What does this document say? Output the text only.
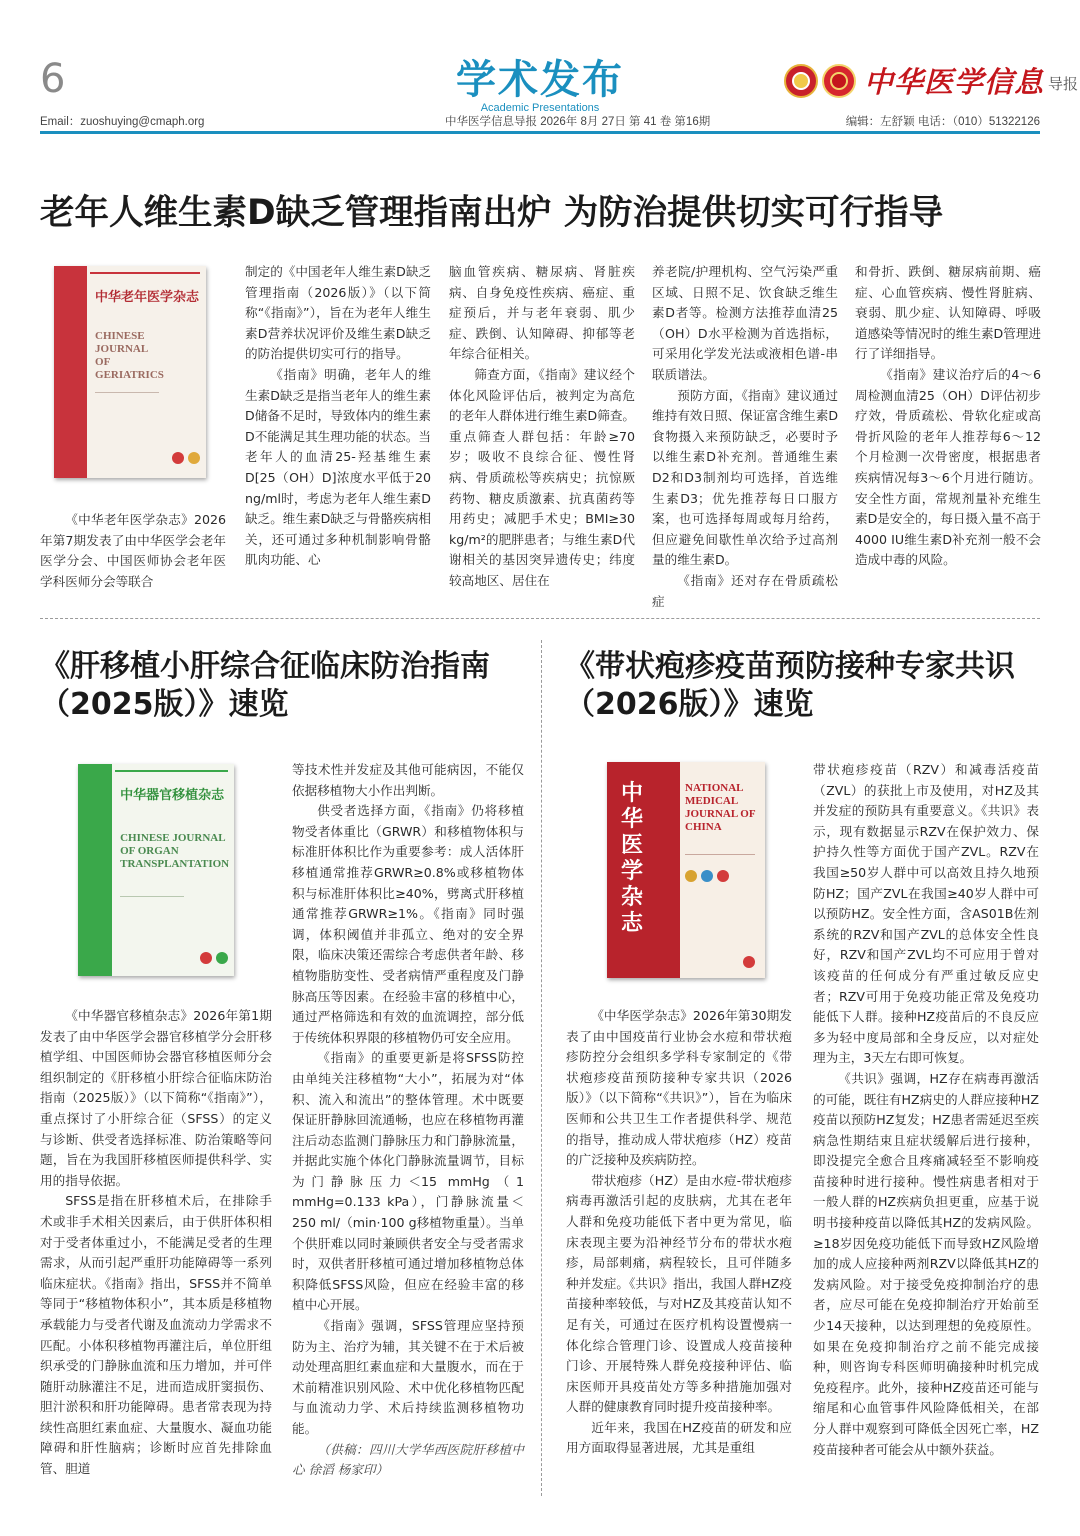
6	学术发布
Academic Presentations
中华医学信息 导报
Email：zuoshuying@cmaph.org	中华医学信息导报 2026年 8月 27日 第 41 卷 第16期	编辑：左舒颖 电话：（010）51322126
老年人维生素D缺乏管理指南出炉 为防治提供切实可行指导
中华老年医学杂志
CHINESE JOURNAL OF GERIATRICS

《中华老年医学杂志》2026年第7期发表了由中华医学会老年医学分会、中国医师协会老年医学科医师分会等联合

制定的《中国老年人维生素D缺乏管理指南（2026版）》（以下简称“《指南》”），旨在为老年人维生素D营养状况评价及维生素D缺乏的防治提供切实可行的指导。

《指南》明确，老年人的维生素D缺乏是指当老年人的维生素D储备不足时，导致体内的维生素D不能满足其生理功能的状态。当老年人的血清25-羟基维生素D[25（OH）D]浓度水平低于20 ng/ml时，考虑为老年人维生素D缺乏。维生素D缺乏与骨骼疾病相关，还可通过多种机制影响骨骼肌肉功能、心

脑血管疾病、糖尿病、肾脏疾病、自身免疫性疾病、癌症、重症预后，并与老年衰弱、肌少症、跌倒、认知障碍、抑郁等老年综合征相关。

筛查方面，《指南》建议经个体化风险评估后，被判定为高危的老年人群体进行维生素D筛查。重点筛查人群包括：年龄≥70岁；吸收不良综合征、慢性肾病、骨质疏松等疾病史；抗惊厥药物、糖皮质激素、抗真菌药等用药史；减肥手术史；BMI≥30 kg/m²的肥胖患者；与维生素D代谢相关的基因突异遗传史；纬度较高地区、居住在

养老院/护理机构、空气污染严重区域、日照不足、饮食缺乏维生素D者等。检测方法推荐血清25（OH）D水平检测为首选指标，可采用化学发光法或液相色谱-串联质谱法。

预防方面，《指南》建议通过维持有效日照、保证富含维生素D食物摄入来预防缺乏，必要时予以维生素D补充剂。普通维生素D2和D3制剂均可选择，首选维生素D3；优先推荐每日口服方案，也可选择每周或每月给药，但应避免间歇性单次给予过高剂量的维生素D。

《指南》还对存在骨质疏松症

和骨折、跌倒、糖尿病前期、癌症、心血管疾病、慢性肾脏病、衰弱、肌少症、认知障碍、呼吸道感染等情况时的维生素D管理进行了详细指导。

《指南》建议治疗后的4～6周检测血清25（OH）D评估初步疗效，骨质疏松、骨软化症或高骨折风险的老年人推荐每6～12个月检测一次骨密度，根据患者疾病情况每3～6个月进行随访。安全性方面，常规剂量补充维生素D是安全的，每日摄入量不高于4000 IU维生素D补充剂一般不会造成中毒的风险。

《肝移植小肝综合征临床防治指南
（2025版）》速览
中华器官移植杂志
CHINESE JOURNAL OF ORGAN TRANSPLANTATION

《中华器官移植杂志》2026年第1期发表了由中华医学会器官移植学分会肝移植学组、中国医师协会器官移植医师分会组织制定的《肝移植小肝综合征临床防治指南（2025版）》（以下简称“《指南》”），重点探讨了小肝综合征（SFSS）的定义与诊断、供受者选择标准、防治策略等问题，旨在为我国肝移植医师提供科学、实用的指导依据。

SFSS是指在肝移植术后，在排除手术或非手术相关因素后，由于供肝体积相对于受者体重过小，不能满足受者的生理需求，从而引起严重肝功能障碍等一系列临床症状。《指南》指出，SFSS并不简单等同于“移植物体积小”，其本质是移植物承载能力与受者代谢及血流动力学需求不匹配。小体积移植物再灌注后，单位肝组织承受的门静脉血流和压力增加，并可伴随肝动脉灌注不足，进而造成肝窦损伤、胆汁淤积和肝功能障碍。患者常表现为持续性高胆红素血症、大量腹水、凝血功能障碍和肝性脑病；诊断时应首先排除血管、胆道

等技术性并发症及其他可能病因，不能仅依据移植物大小作出判断。

供受者选择方面，《指南》仍将移植物受者体重比（GRWR）和移植物体积与标准肝体积比作为重要参考：成人活体肝移植通常推荐GRWR≥0.8%或移植物体积与标准肝体积比≥40%，劈离式肝移植通常推荐GRWR≥1%。《指南》同时强调，体积阈值并非孤立、绝对的安全界限，临床决策还需综合考虑供者年龄、移植物脂肪变性、受者病情严重程度及门静脉高压等因素。在经验丰富的移植中心，通过严格筛选和有效的血流调控，部分低于传统体积界限的移植物仍可安全应用。

《指南》的重要更新是将SFSS防控由单纯关注移植物“大小”，拓展为对“体积、流入和流出”的整体管理。术中既要保证肝静脉回流通畅，也应在移植物再灌注后动态监测门静脉压力和门静脉流量，并据此实施个体化门静脉流量调节，目标为门静脉压力＜15 mmHg（1 mmHg=0.133 kPa），门静脉流量＜250 ml/（min·100 g移植物重量）。当单个供肝难以同时兼顾供者安全与受者需求时，双供者肝移植可通过增加移植物总体积降低SFSS风险，但应在经验丰富的移植中心开展。

《指南》强调，SFSS管理应坚持预防为主、治疗为辅，其关键不在于术后被动处理高胆红素血症和大量腹水，而在于术前精准识别风险、术中优化移植物匹配与血流动力学、术后持续监测移植物功能。

（供稿：四川大学华西医院肝移植中心 徐滔 杨家印）

《带状疱疹疫苗预防接种专家共识
（2026版）》速览
中华医学杂志
NATIONAL MEDICAL JOURNAL OF CHINA

《中华医学杂志》2026年第30期发表了由中国疫苗行业协会水痘和带状疱疹防控分会组织多学科专家制定的《带状疱疹疫苗预防接种专家共识（2026版）》（以下简称“《共识》”），旨在为临床医师和公共卫生工作者提供科学、规范的指导，推动成人带状疱疹（HZ）疫苗的广泛接种及疾病防控。

带状疱疹（HZ）是由水痘-带状疱疹病毒再激活引起的皮肤病，尤其在老年人群和免疫功能低下者中更为常见，临床表现主要为沿神经节分布的带状水疱疹，局部刺痛，病程较长，且可伴随多种并发症。《共识》指出，我国人群HZ疫苗接种率较低，与对HZ及其疫苗认知不足有关，可通过在医疗机构设置慢病一体化综合管理门诊、设置成人疫苗接种门诊、开展特殊人群免疫接种评估、临床医师开具疫苗处方等多种措施加强对人群的健康教育同时提升疫苗接种率。

近年来，我国在HZ疫苗的研发和应用方面取得显著进展，尤其是重组

带状疱疹疫苗（RZV）和减毒活疫苗（ZVL）的获批上市及使用，对HZ及其并发症的预防具有重要意义。《共识》表示，现有数据显示RZV在保护效力、保护持久性等方面优于国产ZVL。RZV在我国≥50岁人群中可以高效且持久地预防HZ；国产ZVL在我国≥40岁人群中可以预防HZ。安全性方面，含AS01B佐剂系统的RZV和国产ZVL的总体安全性良好，RZV和国产ZVL均不可应用于曾对该疫苗的任何成分有严重过敏反应史者；RZV可用于免疫功能正常及免疫功能低下人群。接种HZ疫苗后的不良反应多为轻中度局部和全身反应，以对症处理为主，3天左右即可恢复。

《共识》强调，HZ存在病毒再激活的可能，既往有HZ病史的人群应接种HZ疫苗以预防HZ复发；HZ患者需延迟至疾病急性期结束且症状缓解后进行接种，即没提完全愈合且疼痛减轻至不影响疫苗接种时进行接种。慢性病患者相对于一般人群的HZ疾病负担更重，应基于说明书接种疫苗以降低其HZ的发病风险。≥18岁因免疫功能低下而导致HZ风险增加的成人应接种两剂RZV以降低其HZ的发病风险。对于接受免疫抑制治疗的患者，应尽可能在免疫抑制治疗开始前至少14天接种，以达到理想的免疫原性。如果在免疫抑制治疗之前不能完成接种，则咨询专科医师明确接种时机完成免疫程序。此外，接种HZ疫苗还可能与缩尾和心血管事件风险降低相关，在部分人群中观察到可降低全因死亡率，HZ疫苗接种者可能会从中额外获益。
